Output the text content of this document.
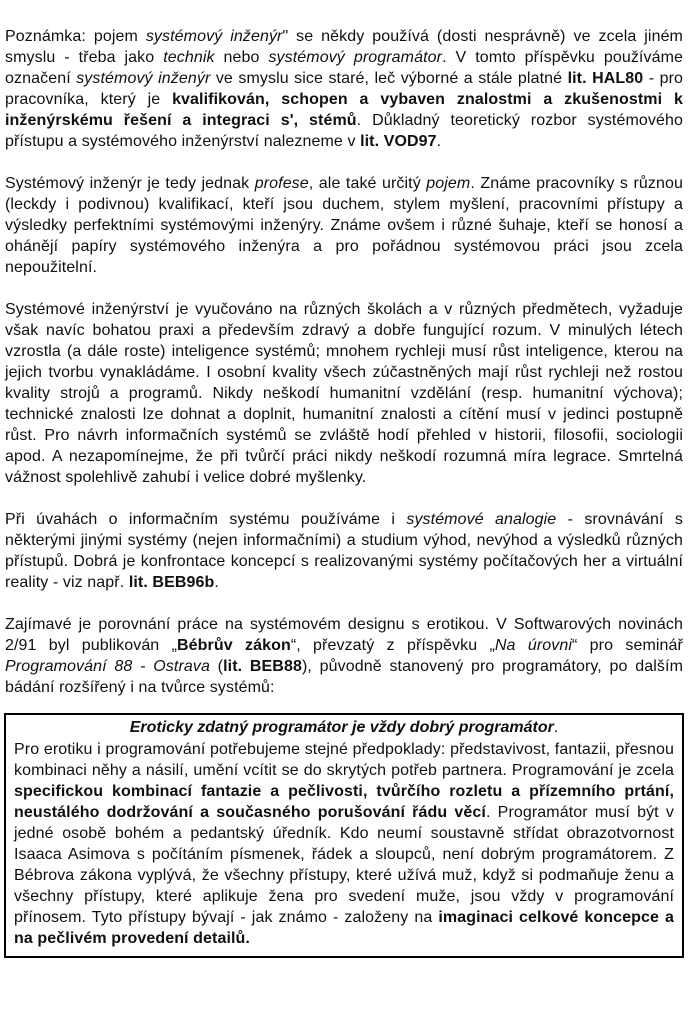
Poznámka: pojem systémový inženýr" se někdy používá (dosti nesprávně) ve zcela jiném smyslu - třeba jako technik nebo systémový programátor. V tomto příspěvku používáme označení systémový inženýr ve smyslu sice staré, leč výborné a stále platné lit. HAL80 - pro pracovníka, který je kvalifikován, schopen a vybaven znalostmi a zkušenostmi k inženýrskému řešení a integraci s', stémů. Důkladný teoretický rozbor systémového přístupu a systémového inženýrství nalezneme v lit. VOD97.

Systémový inženýr je tedy jednak profese, ale také určitý pojem. Známe pracovníky s různou (leckdy i podivnou) kvalifikací, kteří jsou duchem, stylem myšlení, pracovními přístupy a výsledky perfektními systémovými inženýry. Známe ovšem i různé šuhaje, kteří se honosí a ohánějí papíry systémového inženýra a pro pořádnou systémovou práci jsou zcela nepoužitelní.

Systémové inženýrství je vyučováno na různých školách a v různých předmětech, vyžaduje však navíc bohatou praxi a především zdravý a dobře fungující rozum. V minulých létech vzrostla (a dále roste) inteligence systémů; mnohem rychleji musí růst inteligence, kterou na jejich tvorbu vynakládáme. I osobní kvality všech zúčastněných mají růst rychleji než rostou kvality strojů a programů. Nikdy neškodí humanitní vzdělání (resp. humanitní výchova); technické znalosti lze dohnat a doplnit, humanitní znalosti a cítění musí v jedinci postupně růst. Pro návrh informačních systémů se zvláště hodí přehled v historii, filosofii, sociologii apod. A nezapomínejme, že při tvůrčí práci nikdy neškodí rozumná míra legrace. Smrtelná vážnost spolehlivě zahubí i velice dobré myšlenky.

Při úvahách o informačním systému používáme i systémové analogie - srovnávání s některými jinými systémy (nejen informačními) a studium výhod, nevýhod a výsledků různých přístupů. Dobrá je konfrontace koncepcí s realizovanými systémy počítačových her a virtuální reality - viz např. lit. BEB96b.

Zajímavé je porovnání práce na systémovém designu s erotikou. V Softwarových novinách 2/91 byl publikován „Bébrův zákon“, převzatý z příspěvku „Na úrovni“ pro seminář Programování 88 - Ostrava (lit. BEB88), původně stanovený pro programátory, po dalším bádání rozšířený i na tvůrce systémů:

Eroticky zdatný programátor je vždy dobrý programátor.

Pro erotiku i programování potřebujeme stejné předpoklady: představivost, fantazii, přesnou kombinaci něhy a násilí, umění vcítit se do skrytých potřeb partnera. Programování je zcela specifickou kombinací fantazie a pečlivosti, tvůrčího rozletu a přízemního prtání, neustálého dodržování a současného porušování řádu věcí. Programátor musí být v jedné osobě bohém a pedantský úředník. Kdo neumí soustavně střídat obrazotvornost Isaaca Asimova s počítáním písmenek, řádek a sloupců, není dobrým programátorem. Z Bébrova zákona vyplývá, že všechny přístupy, které užívá muž, když si podmaňuje ženu a všechny přístupy, které aplikuje žena pro svedení muže, jsou vždy v programování přínosem. Tyto přístupy bývají - jak známo - založeny na imaginaci celkové koncepce a na pečlivém provedení detailů.
